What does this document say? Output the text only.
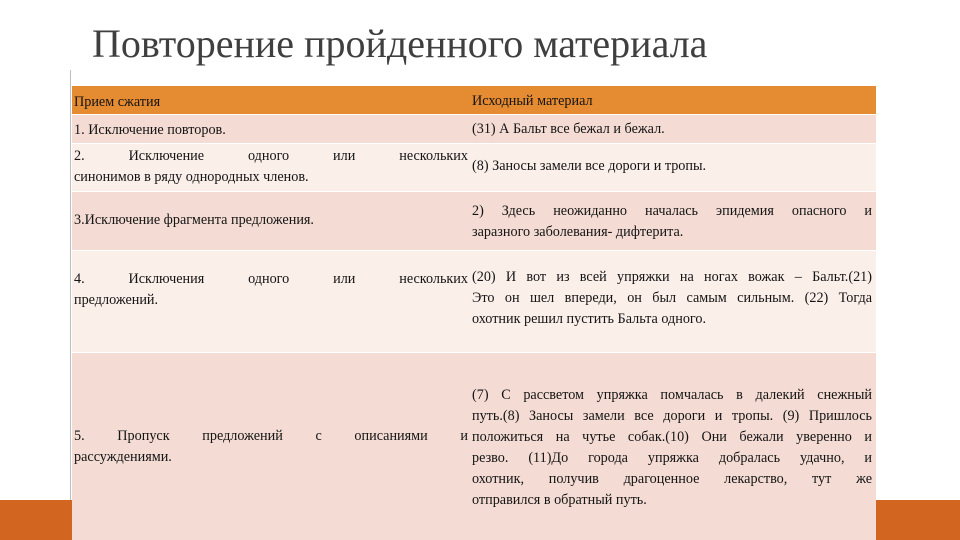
Повторение пройденного материала
Прием сжатия	Исходный материал
1. Исключение повторов.	(31) А Бальт все бежал и бежал.
2. Исключение одного или нескольких
синонимов в ряду однородных членов.
(8) Заносы замели все дороги и тропы.
3.Исключение фрагмента предложения.
2) Здесь неожиданно началась эпидемия опасного и
заразного заболевания- дифтерита.
4. Исключения одного или нескольких
предложений.
(20) И вот из всей упряжки на ногах вожак – Бальт.(21)
Это он шел впереди, он был самым сильным. (22) Тогда
охотник решил пустить Бальта одного.
5. Пропуск предложений с описаниями и
рассуждениями.
(7) С рассветом упряжка помчалась в далекий снежный
путь.(8) Заносы замели все дороги и тропы. (9) Пришлось
положиться на чутье собак.(10) Они бежали уверенно и
резво. (11)До города упряжка добралась удачно, и
охотник, получив драгоценное лекарство, тут же
отправился в обратный путь.
